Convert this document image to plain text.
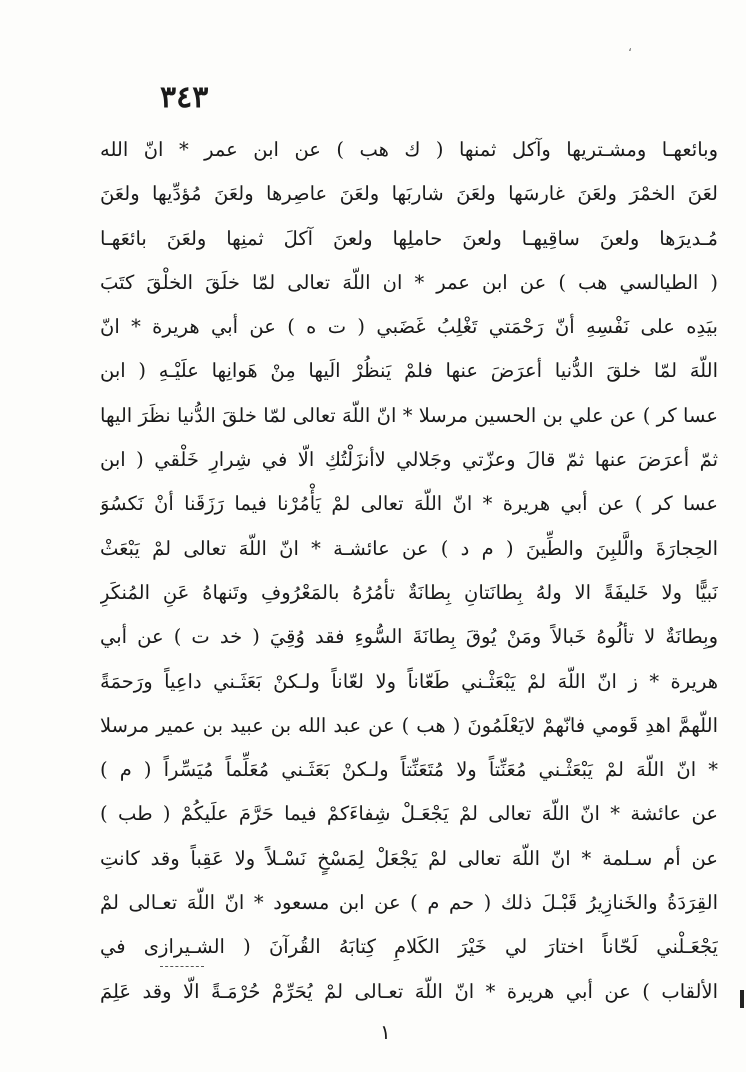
،
٣٤٣
وبائعهـا ومشـتريها وآكل ثمنها ( ك هب ) عن ابن عمر * انّ الله
لعَنَ الخمْرَ ولعَنَ غارسَها ولعَنَ شاربَها ولعَنَ عاصِرها ولعَنَ مُؤدِّيها ولعَنَ
مُـديرَها ولعنَ ساقِيهـا ولعنَ حاملِها ولعنَ آكلَ ثمنِها ولعَنَ بائعَهـا
( الطيالسي هب ) عن ابن عمر * ان اللّهَ تعالى لمّا خلَقَ الخلْقَ كتَبَ
بيَدِه على نَفْسِهِ أنّ رَحْمَتي تَغْلِبُ غَضَبي ( ت ه ) عن أبي هريرة * انّ
اللّهَ لمّا خلقَ الدُّنيا أعرَضَ عنها فلمْ يَنظُرْ الَيها مِنْ هَوانِها علَيْـهِ ( ابن
عسا كر ) عن علي بن الحسين مرسلا * انّ اللّهَ تعالى لمّا خلقَ الدُّنيا نظَرَ اليها
ثمّ أعرَضَ عنها ثمّ قالَ وعزّتي وجَلالي لاأنزَلْتُكِ الّا في شِرارِ خَلْقي ( ابن
عسا كر ) عن أبي هريرة * انّ اللّهَ تعالى لمْ يَأْمُرْنا فيما رَزَقَنا أنْ نَكسُوَ
الحِجارَةَ والَّلبِنَ والطِّينَ ( م د ) عن عائشـة * انّ اللّهَ تعالى لمْ يَبْعَثْ
نَبيًّا ولا خَليفَةً الا ولهُ بِطانَتانِ بِطانَةٌ تأمُرُهُ بالمَعْرُوفِ وتَنهاهُ عَنِ المُنكَرِ
وبِطانَةٌ لا تألُوهُ خَبالاً ومَنْ يُوقَ بِطانَةَ السُّوءِ فقد وُقِيَ ( خد ت ) عن أبي
هريرة * ز انّ اللّهَ لمْ يَبْعَثْـني طَعّاناً ولا لعّاناً ولـكنْ بَعَثَـني داعِياً ورَحمَةً
اللّهمَّ اهدِ قَومي فانّهمْ لايَعْلَمُونَ ( هب ) عن عبد الله بن عبيد بن عمير مرسلا
* انّ اللّهَ لمْ يَبْعَثْـني مُعَنِّتاً ولا مُتَعَنِّتاً ولـكنْ بَعَثَـني مُعَلِّماً مُيَسِّراً ( م )
عن عائشة * انّ اللّهَ تعالى لمْ يَجْعَـلْ شِفاءَكمْ فيما حَرَّمَ علَيكُمْ ( طب )
عن أم سـلمة * انّ اللّهَ تعالى لمْ يَجْعَلْ لِمَسْخٍ نَسْـلاً ولا عَقِباً وقد كانتِ
القِرَدَةُ والخَنازِيرُ قَبْـلَ ذلك ( حم م ) عن ابن مسعود * انّ اللّهَ تعـالى لمْ
يَجْعَـلْني لَحّاناً اختارَ لي خَيْرَ الكَلامِ كِتابَهُ القُرآنَ ( الشـيرازى في
الألقاب ) عن أبي هريرة * انّ اللّهَ تعـالى لمْ يُحَرِّمْ حُرْمَـةً الّا وقد عَلِمَ
١
